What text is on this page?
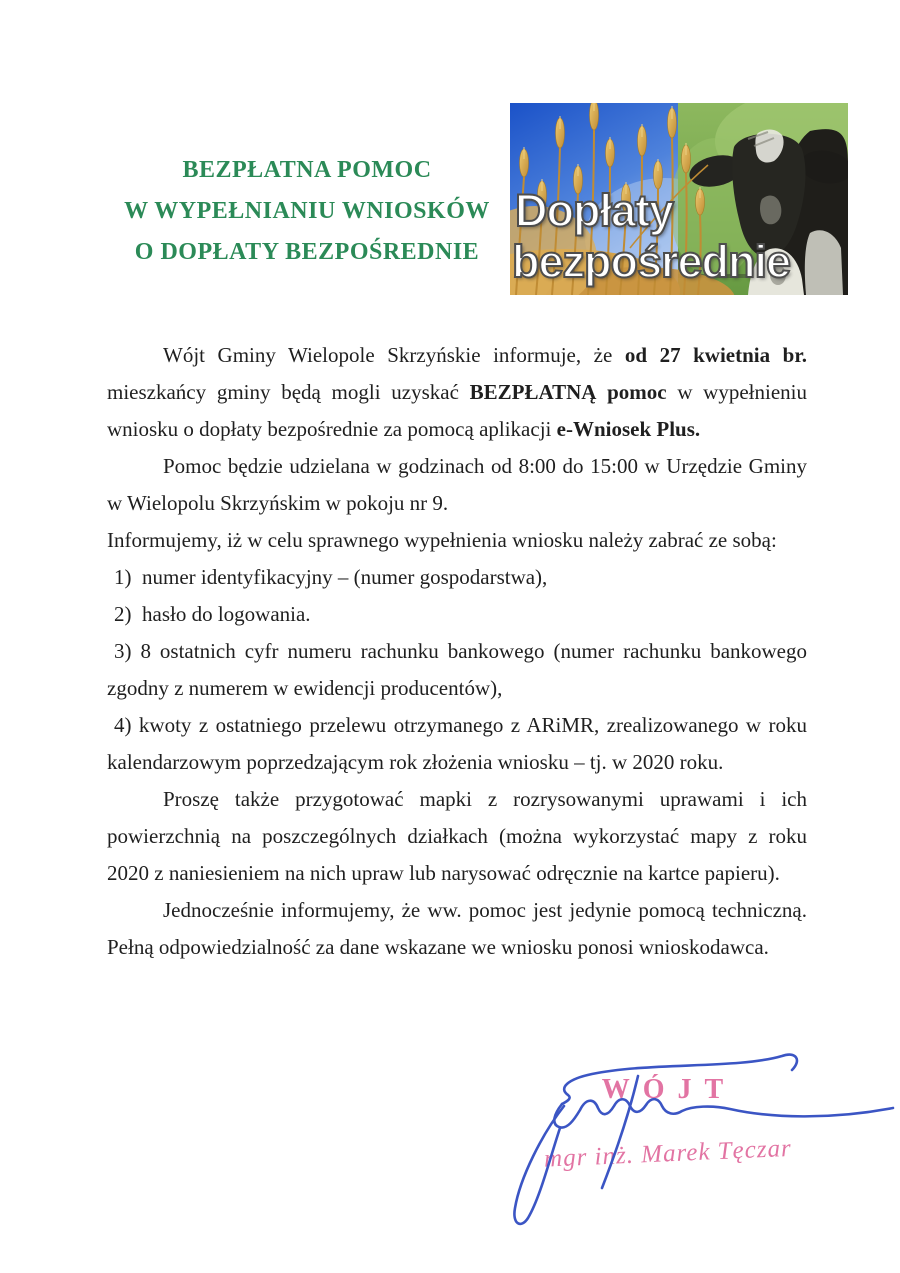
BEZPŁATNA POMOC
W WYPEŁNIANIU WNIOSKÓW
O DOPŁATY BEZPOŚREDNIE
Dopłaty
bezpośrednie

Wójt Gminy Wielopole Skrzyńskie informuje, że od 27 kwietnia br. mieszkańcy gminy będą mogli uzyskać BEZPŁATNĄ pomoc w wypełnieniu wniosku o dopłaty bezpośrednie za pomocą aplikacji e-Wniosek Plus.

Pomoc będzie udzielana w godzinach od 8:00 do 15:00 w Urzędzie Gminy w Wielopolu Skrzyńskim w pokoju nr 9.

Informujemy, iż w celu sprawnego wypełnienia wniosku należy zabrać ze sobą:

1)  numer identyfikacyjny – (numer gospodarstwa),

2)  hasło do logowania.

3) 8 ostatnich cyfr numeru rachunku bankowego (numer rachunku bankowego zgodny z numerem w ewidencji producentów),

4) kwoty z ostatniego przelewu otrzymanego z ARiMR, zrealizowanego w roku kalendarzowym poprzedzającym rok złożenia wniosku – tj. w 2020 roku.

Proszę także przygotować mapki z rozrysowanymi uprawami i ich powierzchnią na poszczególnych działkach (można wykorzystać mapy z roku 2020 z naniesieniem na nich upraw lub narysować odręcznie na kartce papieru).

Jednocześnie informujemy, że ww. pomoc jest jedynie pomocą techniczną. Pełną odpowiedzialność za dane wskazane we wniosku ponosi wnioskodawca.

WÓJT
mgr inż. Marek Tęczar
